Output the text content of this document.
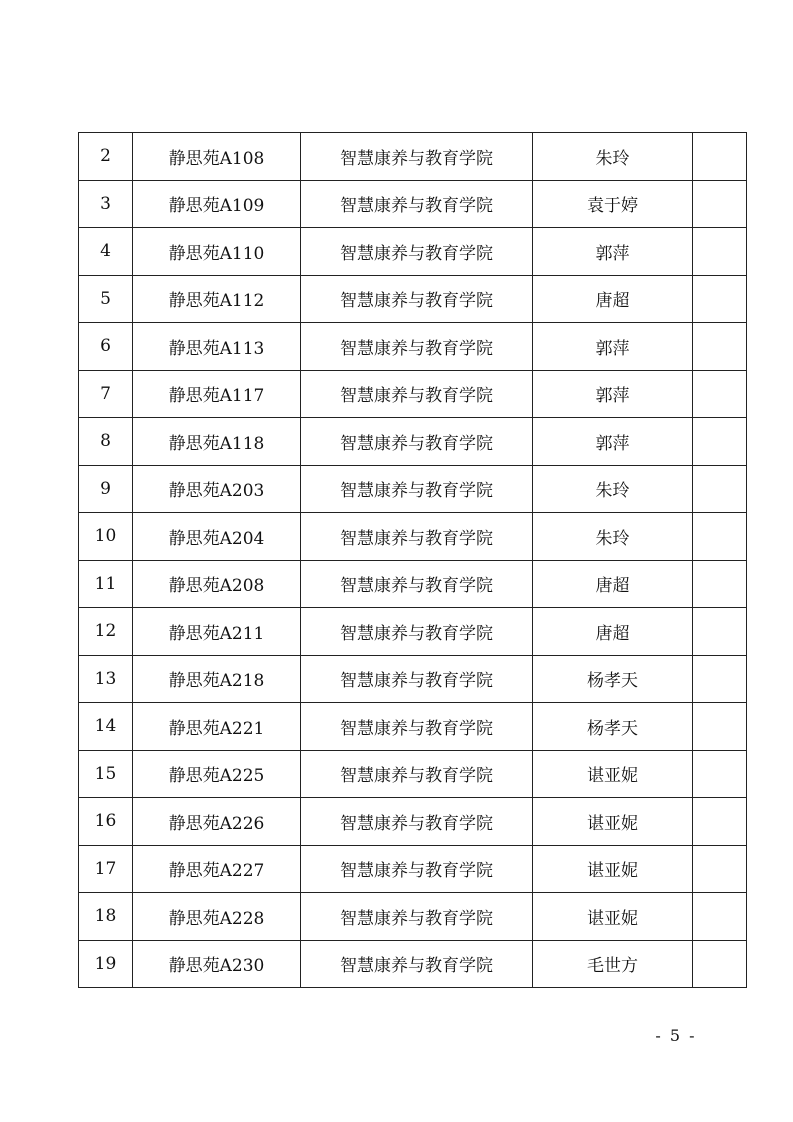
2	静思苑A108	智慧康养与教育学院	朱玲	
3	静思苑A109	智慧康养与教育学院	袁于婷	
4	静思苑A110	智慧康养与教育学院	郭萍	
5	静思苑A112	智慧康养与教育学院	唐超	
6	静思苑A113	智慧康养与教育学院	郭萍	
7	静思苑A117	智慧康养与教育学院	郭萍	
8	静思苑A118	智慧康养与教育学院	郭萍	
9	静思苑A203	智慧康养与教育学院	朱玲	
10	静思苑A204	智慧康养与教育学院	朱玲	
11	静思苑A208	智慧康养与教育学院	唐超	
12	静思苑A211	智慧康养与教育学院	唐超	
13	静思苑A218	智慧康养与教育学院	杨孝天	
14	静思苑A221	智慧康养与教育学院	杨孝天	
15	静思苑A225	智慧康养与教育学院	谌亚妮	
16	静思苑A226	智慧康养与教育学院	谌亚妮	
17	静思苑A227	智慧康养与教育学院	谌亚妮	
18	静思苑A228	智慧康养与教育学院	谌亚妮	
19	静思苑A230	智慧康养与教育学院	毛世方	
- 5 -
